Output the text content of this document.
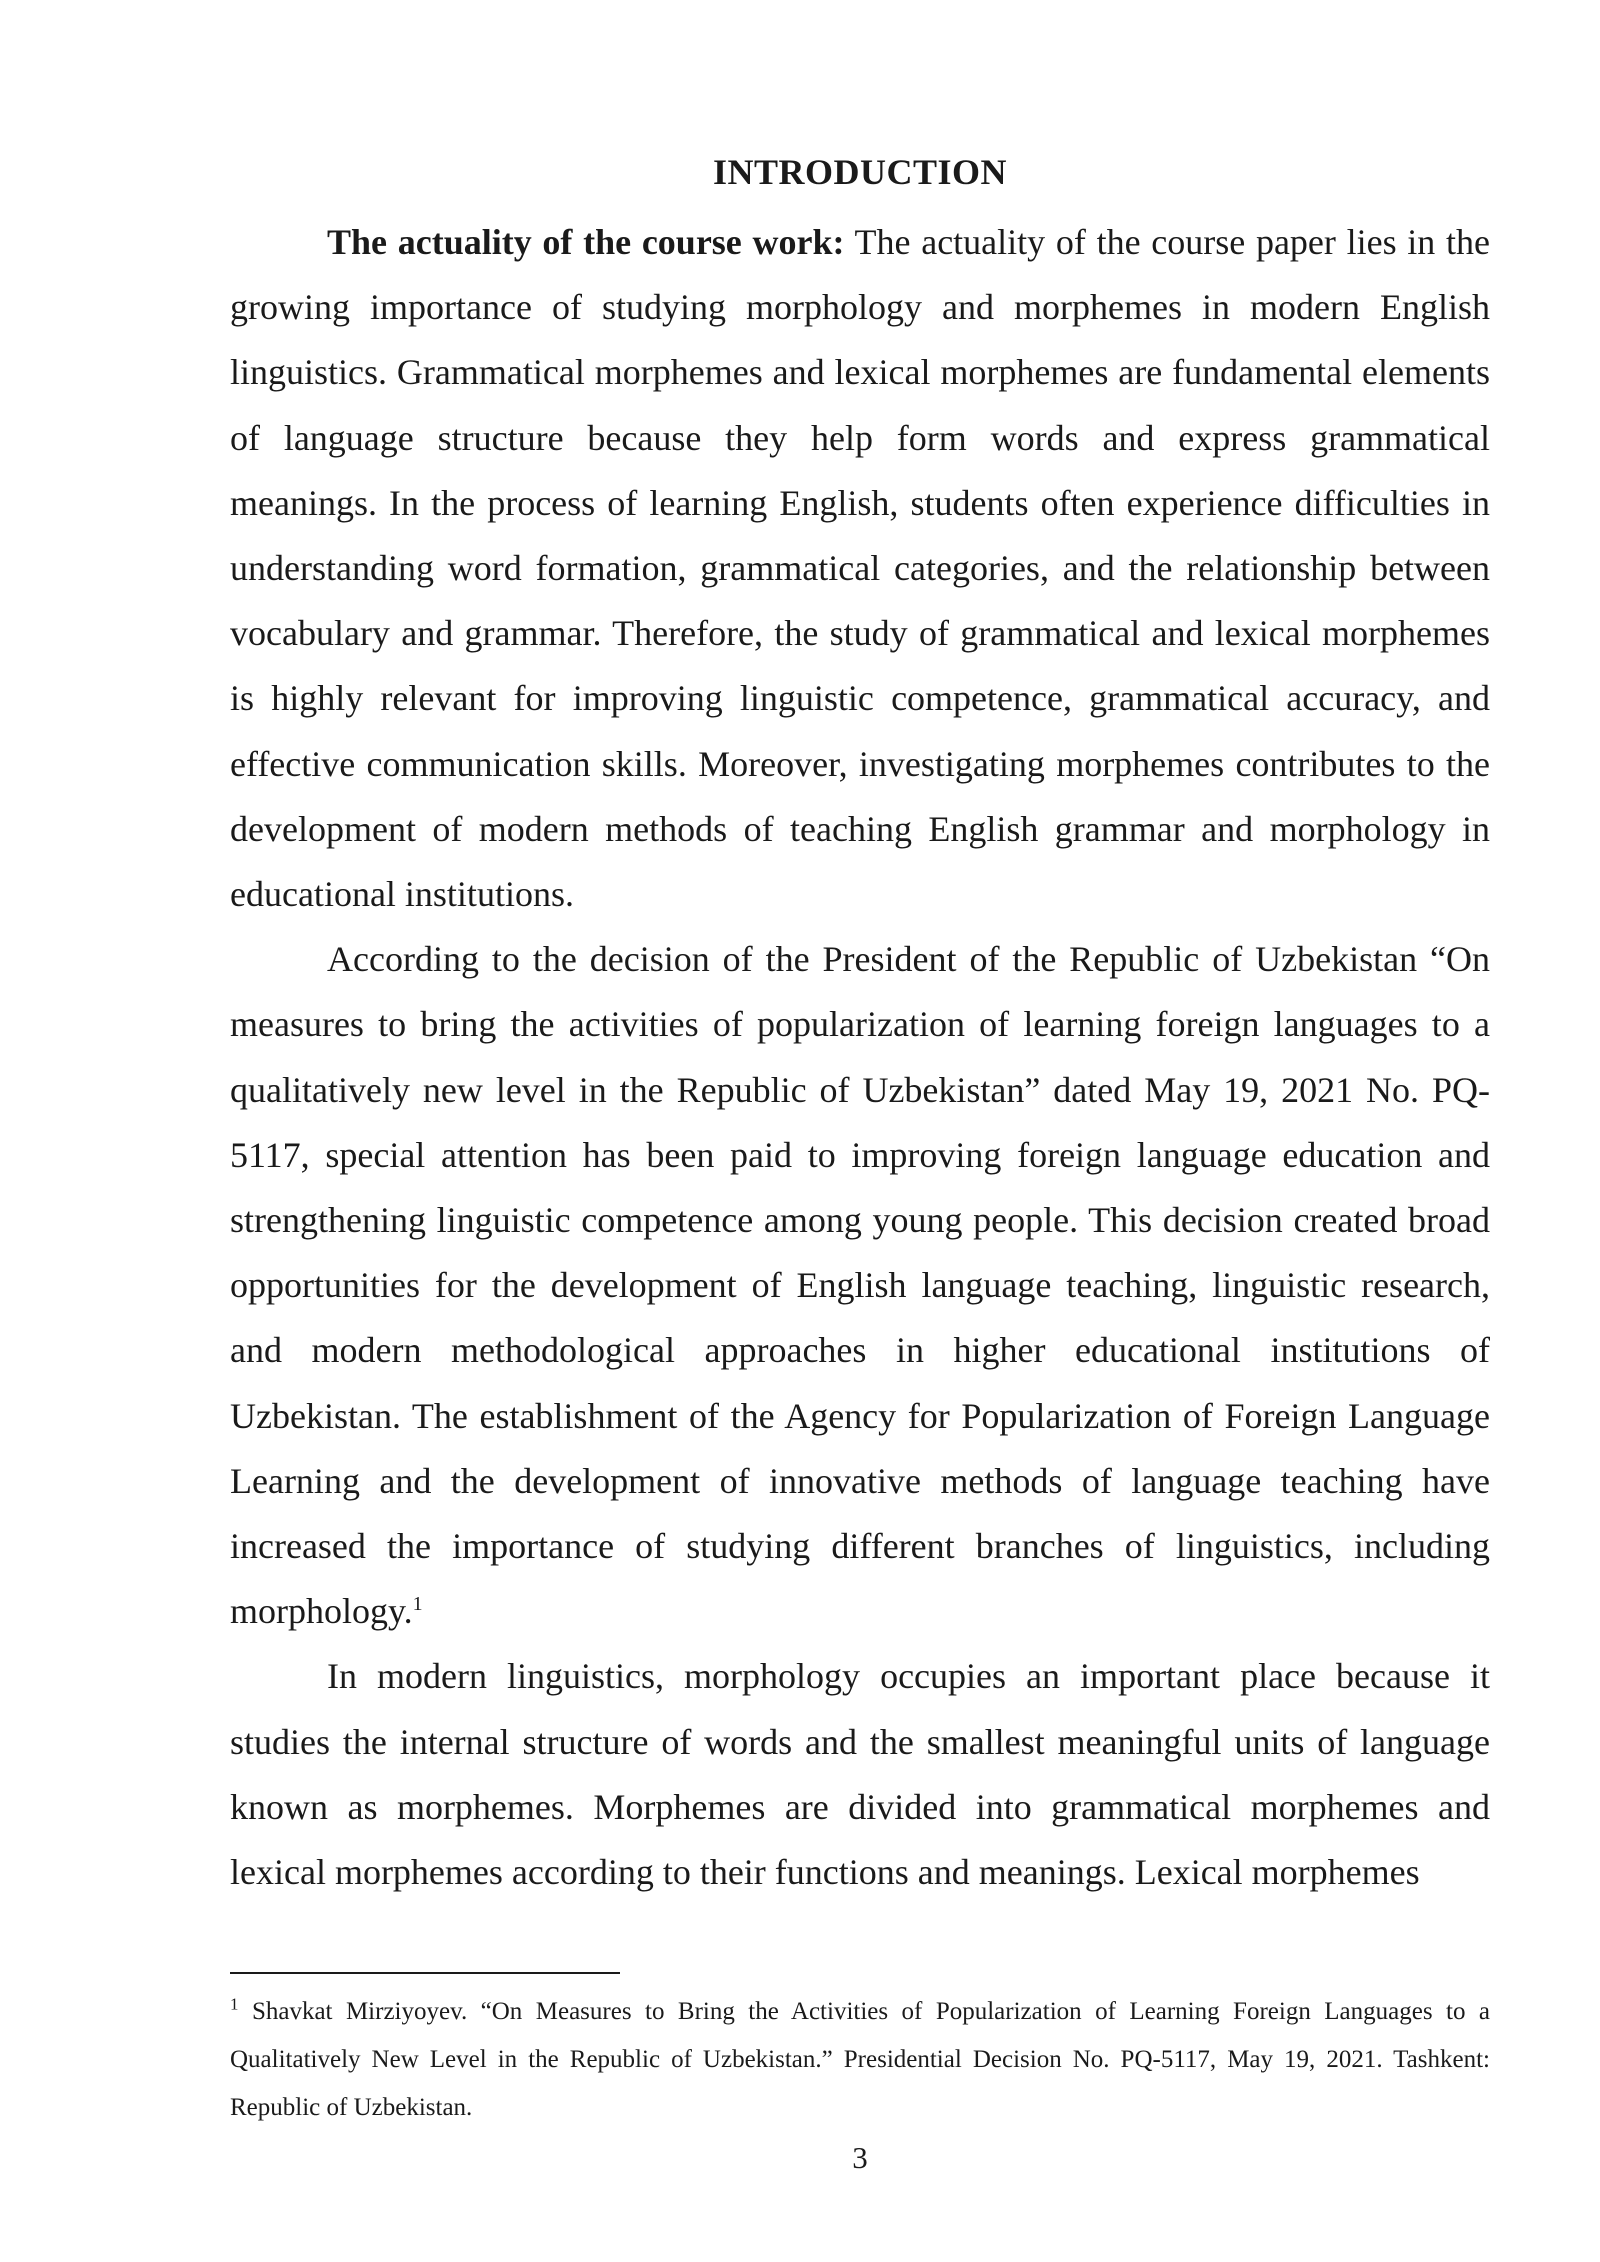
INTRODUCTION

The actuality of the course work: The actuality of the course paper lies in the growing importance of studying morphology and morphemes in modern English linguistics. Grammatical morphemes and lexical morphemes are fundamental elements of language structure because they help form words and express grammatical meanings. In the process of learning English, students often experience difficulties in understanding word formation, grammatical categories, and the relationship between vocabulary and grammar. Therefore, the study of grammatical and lexical morphemes is highly relevant for improving linguistic competence, grammatical accuracy, and effective communication skills. Moreover, investigating morphemes contributes to the development of modern methods of teaching English grammar and morphology in educational institutions.

According to the decision of the President of the Republic of Uzbekistan “On measures to bring the activities of popularization of learning foreign languages to a qualitatively new level in the Republic of Uzbekistan” dated May 19, 2021 No. PQ-5117, special attention has been paid to improving foreign language education and strengthening linguistic competence among young people. This decision created broad opportunities for the development of English language teaching, linguistic research, and modern methodological approaches in higher educational institutions of Uzbekistan. The establishment of the Agency for Popularization of Foreign Language Learning and the development of innovative methods of language teaching have increased the importance of studying different branches of linguistics, including morphology.$^1$

In modern linguistics, morphology occupies an important place because it studies the internal structure of words and the smallest meaningful units of language known as morphemes. Morphemes are divided into grammatical morphemes and lexical morphemes according to their functions and meanings. Lexical morphemes

$^1$ Shavkat Mirziyoyev. “On Measures to Bring the Activities of Popularization of Learning Foreign Languages to a Qualitatively New Level in the Republic of Uzbekistan.” Presidential Decision No. PQ-5117, May 19, 2021. Tashkent: Republic of Uzbekistan.

3
